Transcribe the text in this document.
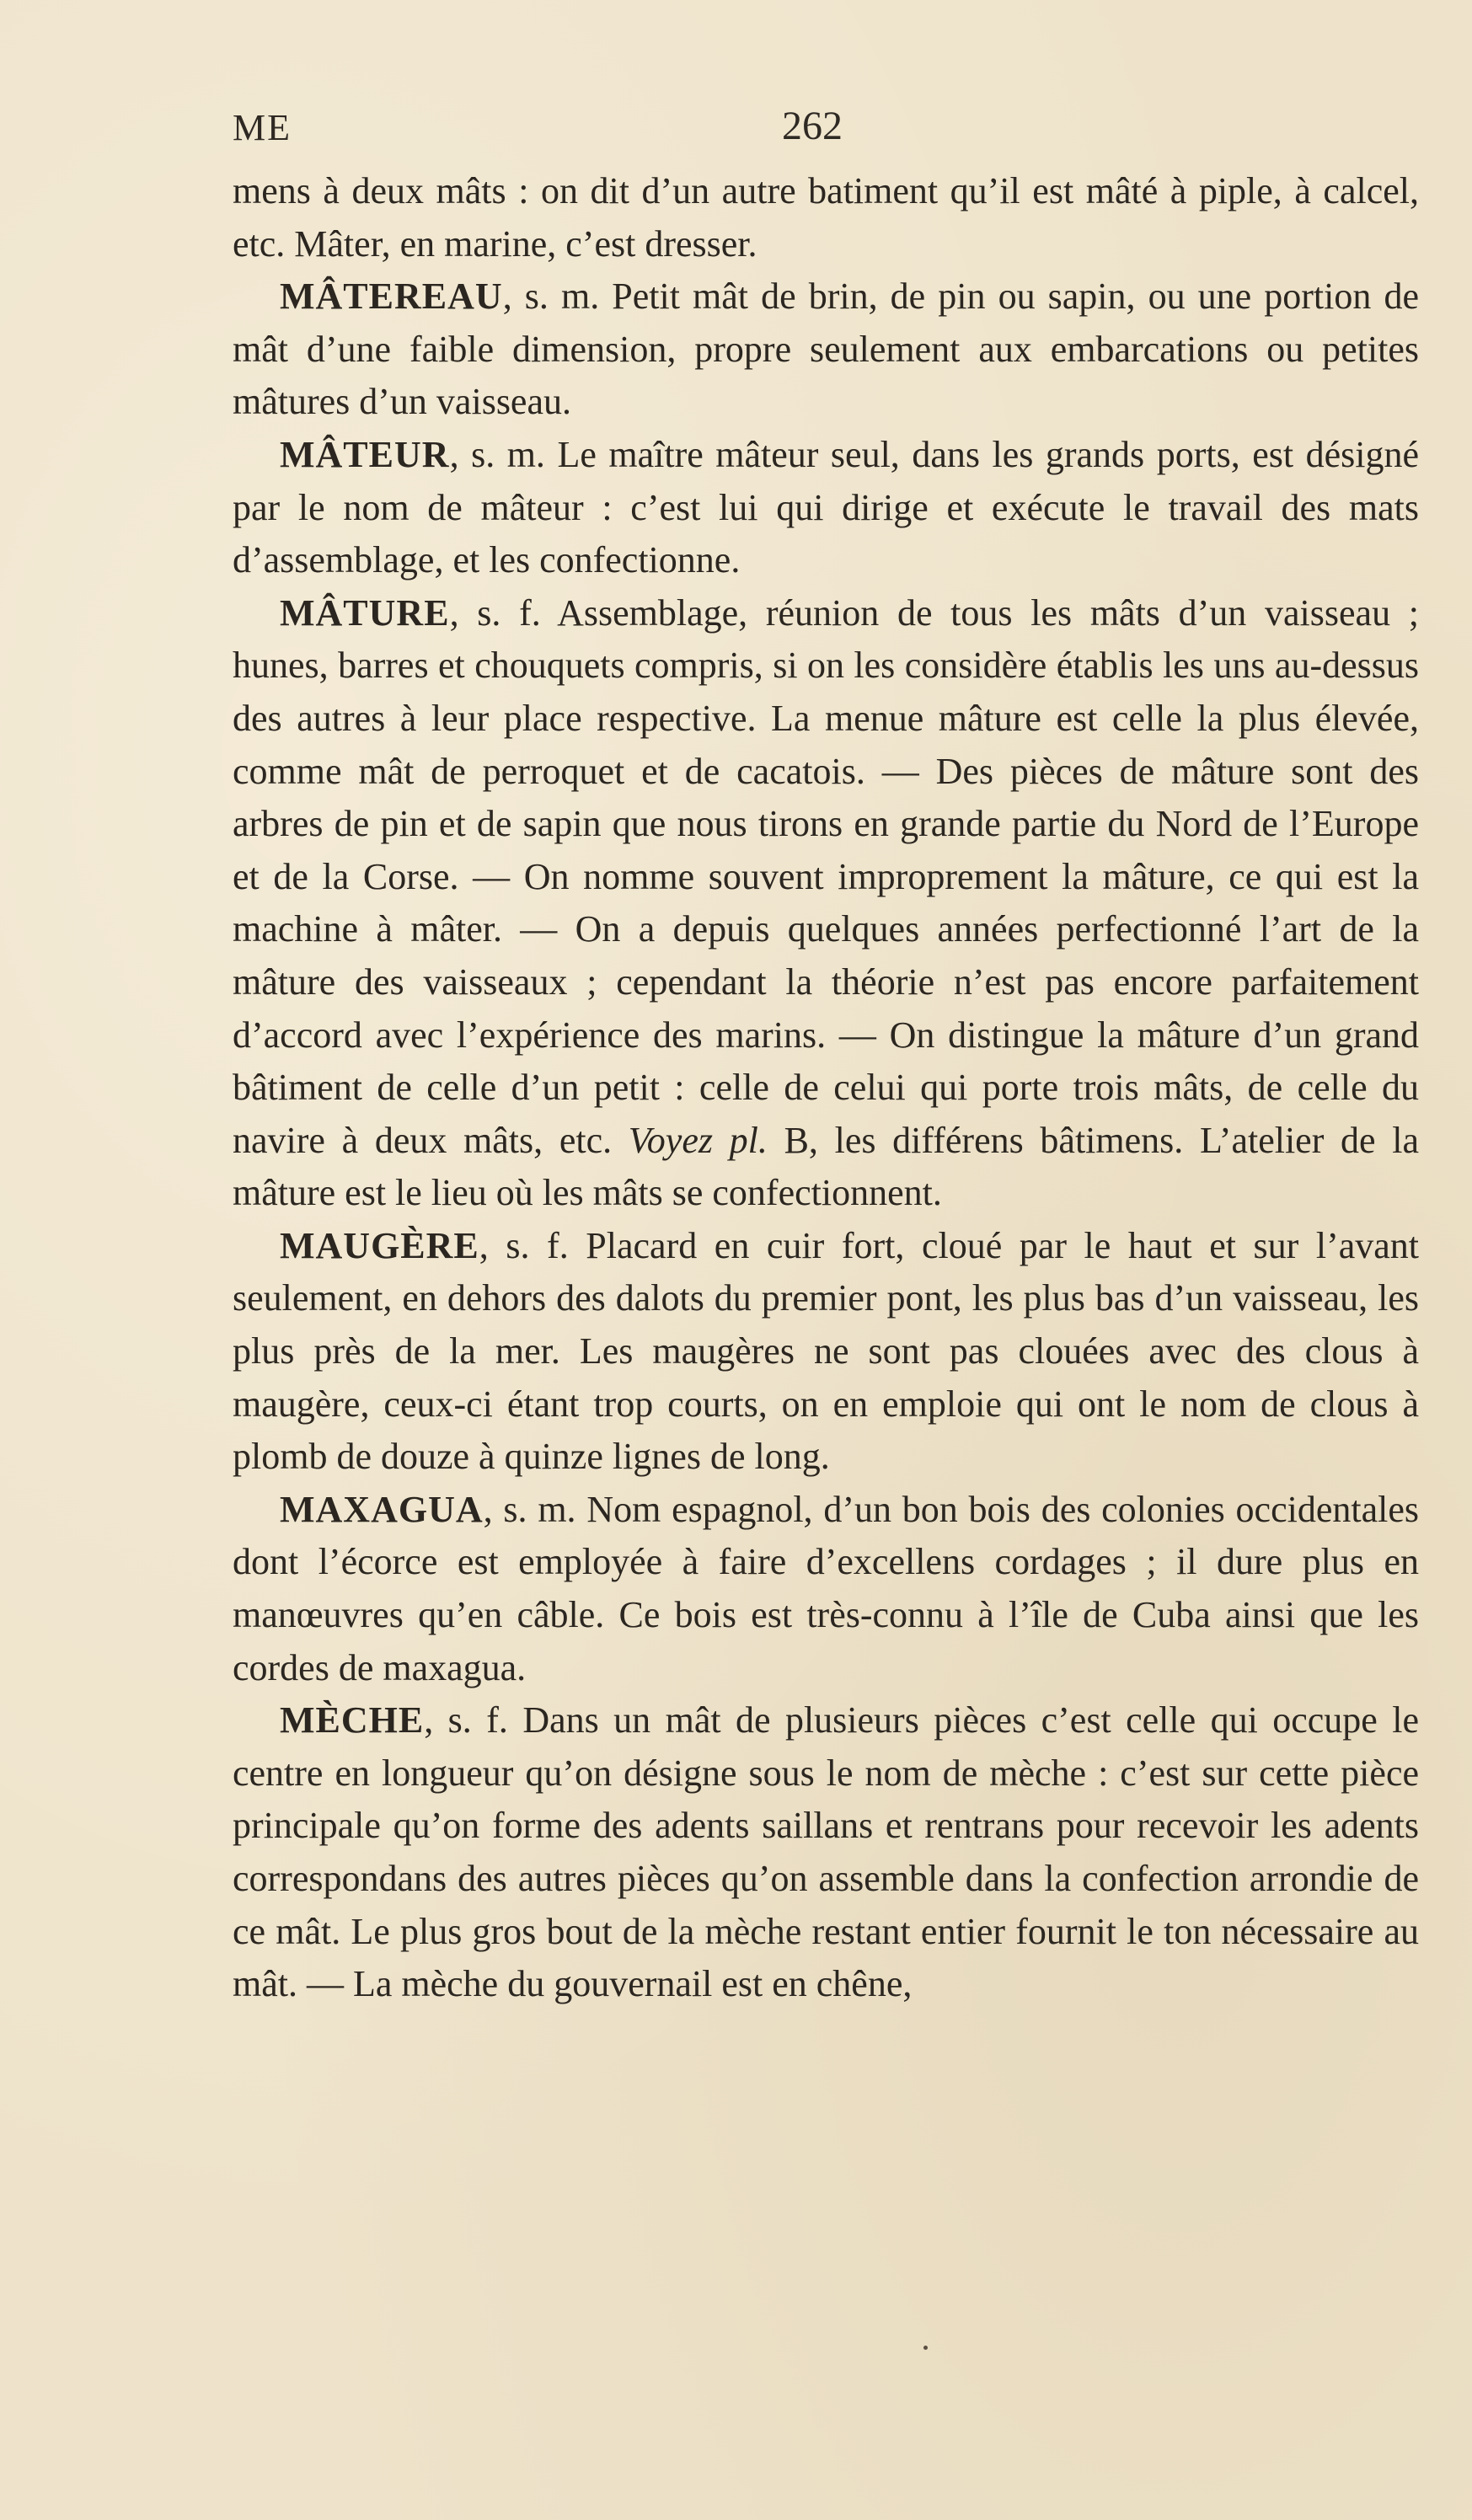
ME	262

mens à deux mâts : on dit d’un autre batiment qu’il est mâté à piple, à calcel, etc. Mâter, en marine, c’est dresser.

MÂTEREAU, s. m. Petit mât de brin, de pin ou sapin, ou une portion de mât d’une faible dimension, propre seulement aux embarcations ou petites mâtures d’un vaisseau.

MÂTEUR, s. m. Le maître mâteur seul, dans les grands ports, est désigné par le nom de mâteur : c’est lui qui dirige et exécute le travail des mats d’assemblage, et les confectionne.

MÂTURE, s. f. Assemblage, réunion de tous les mâts d’un vaisseau ; hunes, barres et chouquets compris, si on les considère établis les uns au-dessus des autres à leur place respective. La menue mâture est celle la plus élevée, comme mât de perroquet et de cacatois. — Des pièces de mâture sont des arbres de pin et de sapin que nous tirons en grande partie du Nord de l’Europe et de la Corse. — On nomme souvent improprement la mâture, ce qui est la machine à mâter. — On a depuis quelques années perfectionné l’art de la mâture des vaisseaux ; cependant la théorie n’est pas encore parfaitement d’accord avec l’expérience des marins. — On distingue la mâture d’un grand bâtiment de celle d’un petit : celle de celui qui porte trois mâts, de celle du navire à deux mâts, etc. Voyez pl. B, les différens bâtimens. L’atelier de la mâture est le lieu où les mâts se confectionnent.

MAUGÈRE, s. f. Placard en cuir fort, cloué par le haut et sur l’avant seulement, en dehors des dalots du premier pont, les plus bas d’un vaisseau, les plus près de la mer. Les maugères ne sont pas clouées avec des clous à maugère, ceux-ci étant trop courts, on en emploie qui ont le nom de clous à plomb de douze à quinze lignes de long.

MAXAGUA, s. m. Nom espagnol, d’un bon bois des colonies occidentales dont l’écorce est employée à faire d’excellens cordages ; il dure plus en manœuvres qu’en câble. Ce bois est très-connu à l’île de Cuba ainsi que les cordes de maxagua.

MÈCHE, s. f. Dans un mât de plusieurs pièces c’est celle qui occupe le centre en longueur qu’on désigne sous le nom de mèche : c’est sur cette pièce principale qu’on forme des adents saillans et rentrans pour recevoir les adents correspondans des autres pièces qu’on assemble dans la confection arrondie de ce mât. Le plus gros bout de la mèche restant entier fournit le ton nécessaire au mât. — La mèche du gouvernail est en chêne,
